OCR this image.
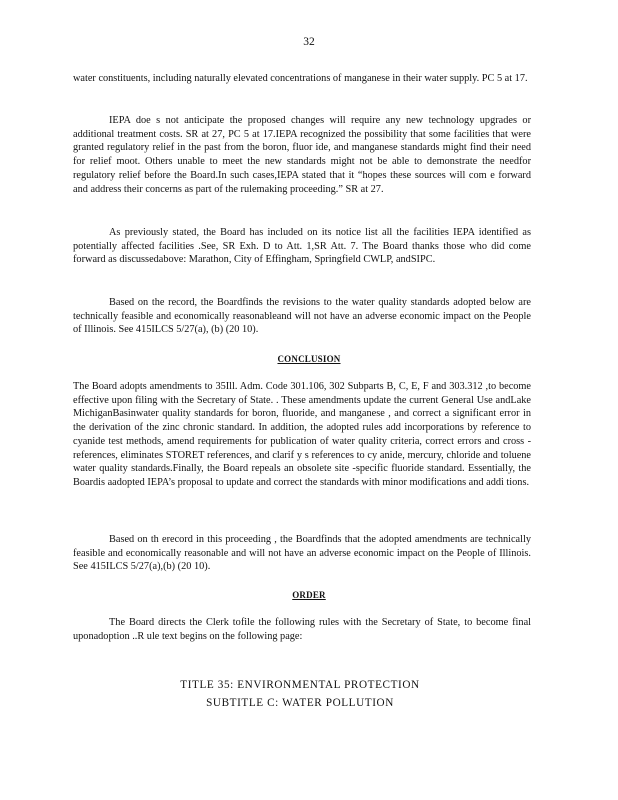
32
water constituents, including naturally elevated concentrations of manganese in their water supply. PC 5 at 17.
IEPA doe s not anticipate the proposed changes will require any new technology upgrades or additional treatment costs. SR at 27, PC 5 at 17.IEPA recognized the possibility that some facilities that were granted regulatory relief in the past from the boron, fluor ide, and manganese standards might find their need for relief moot. Others unable to meet the new standards might not be able to demonstrate the needfor regulatory relief before the Board.In such cases,IEPA stated that it “hopes these sources will com e forward and address their concerns as part of the rulemaking proceeding.” SR at 27.
As previously stated, the Board has included on its notice list all the facilities IEPA identified as potentially affected facilities .See, SR Exh. D to Att. 1,SR Att. 7. The Board thanks those who did come forward as discussedabove: Marathon, City of Effingham, Springfield CWLP, andSIPC.
Based on the record, the Boardfinds the revisions to the water quality standards adopted below are technically feasible and economically reasonableand will not have an adverse economic impact on the People of Illinois. See 415ILCS 5/27(a), (b) (20 10).
CONCLUSION
The Board adopts amendments to 35Ill. Adm. Code 301.106, 302 Subparts B, C, E, F and 303.312 ,to become effective upon filing with the Secretary of State. . These amendments update the current General Use andLake MichiganBasinwater quality standards for boron, fluoride, and manganese , and correct a significant error in the derivation of the zinc chronic standard. In addition, the adopted rules add incorporations by reference to cyanide test methods, amend requirements for publication of water quality criteria, correct errors and cross -references, eliminates STORET references, and clarif y s references to cy anide, mercury, chloride and toluene water quality standards.Finally, the Board repeals an obsolete site -specific fluoride standard. Essentially, the Boardis aadopted IEPA’s proposal to update and correct the standards with minor modifications and addi tions.
Based on th erecord in this proceeding , the Boardfinds that the adopted amendments are technically feasible and economically reasonable and will not have an adverse economic impact on the People of Illinois. See 415ILCS 5/27(a),(b) (20 10).
ORDER
The Board directs the Clerk tofile the following rules with the Secretary of State, to become final uponadoption ..R ule text begins on the following page:
TITLE 35: ENVIRONMENTAL PROTECTION
SUBTITLE C: WATER POLLUTION
